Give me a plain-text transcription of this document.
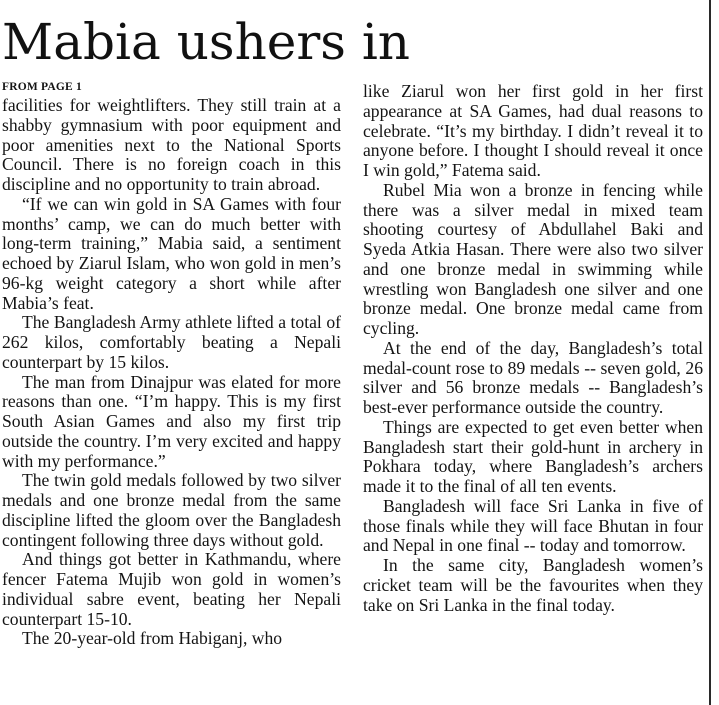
Mabia ushers in

FROM PAGE 1

facilities for weightlifters. They still train at a shabby gymnasium with poor equipment and poor amenities next to the National Sports Council. There is no foreign coach in this discipline and no opportunity to train abroad.

“If we can win gold in SA Games with four months’ camp, we can do much better with long-term training,” Mabia said, a sentiment echoed by Ziarul Islam, who won gold in men’s 96-kg weight category a short while after Mabia’s feat.

The Bangladesh Army athlete lifted a total of 262 kilos, comfortably beating a Nepali counterpart by 15 kilos.

The man from Dinajpur was elated for more reasons than one. “I’m happy. This is my first South Asian Games and also my first trip outside the country. I’m very excited and happy with my performance.”

The twin gold medals followed by two silver medals and one bronze medal from the same discipline lifted the gloom over the Bangladesh contingent following three days without gold.

And things got better in Kathmandu, where fencer Fatema Mujib won gold in women’s individual sabre event, beating her Nepali counterpart 15-10.

The 20-year-old from Habiganj, who

like Ziarul won her first gold in her first appearance at SA Games, had dual reasons to celebrate. “It’s my birthday. I didn’t reveal it to anyone before. I thought I should reveal it once I win gold,” Fatema said.

Rubel Mia won a bronze in fencing while there was a silver medal in mixed team shooting courtesy of Abdullahel Baki and Syeda Atkia Hasan. There were also two silver and one bronze medal in swimming while wrestling won Bangladesh one silver and one bronze medal. One bronze medal came from cycling.

At the end of the day, Bangladesh’s total medal-count rose to 89 medals -- seven gold, 26 silver and 56 bronze medals -- Bangladesh’s best-ever performance outside the country.

Things are expected to get even better when Bangladesh start their gold-hunt in archery in Pokhara today, where Bangladesh’s archers made it to the final of all ten events.

Bangladesh will face Sri Lanka in five of those finals while they will face Bhutan in four and Nepal in one final -- today and tomorrow.

In the same city, Bangladesh women’s cricket team will be the favourites when they take on Sri Lanka in the final today.
